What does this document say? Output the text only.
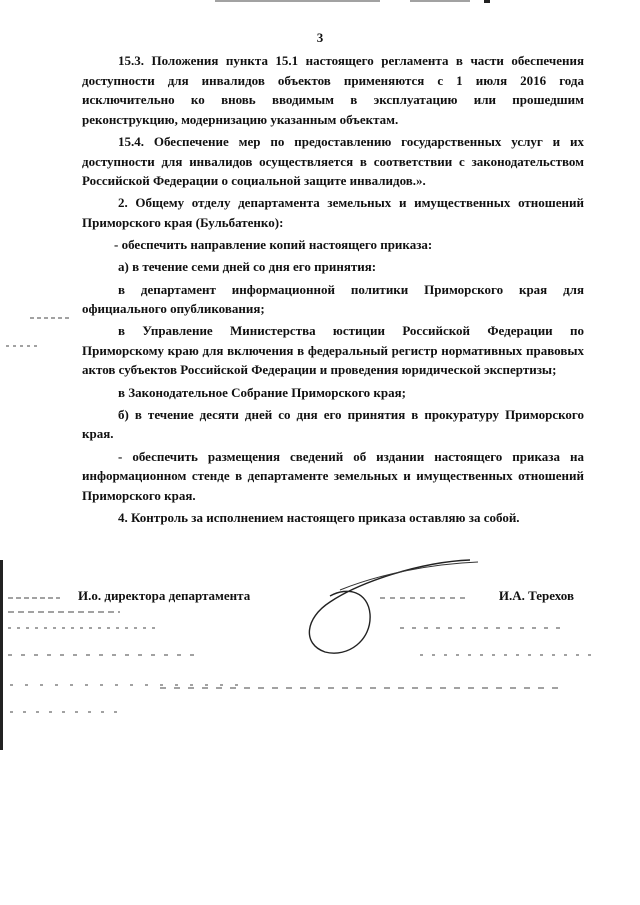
3

15.3. Положения пункта 15.1 настоящего регламента в части обеспечения доступности для инвалидов объектов применяются с 1 июля 2016 года исключительно ко вновь вводимым в эксплуатацию или прошедшим реконструкцию, модернизацию указанным объектам.

15.4. Обеспечение мер по предоставлению государственных услуг и их доступности для инвалидов осуществляется в соответствии с законодательством Российской Федерации о социальной защите инвалидов.».

2. Общему отделу департамента земельных и имущественных отношений Приморского края (Бульбатенко):

- обеспечить направление копий настоящего приказа:

а) в течение семи дней со дня его принятия:

в департамент информационной политики Приморского края для официального опубликования;

в Управление Министерства юстиции Российской Федерации по Приморскому краю для включения в федеральный регистр нормативных правовых актов субъектов Российской Федерации и проведения юридической экспертизы;

в Законодательное Собрание Приморского края;

б) в течение десяти дней со дня его принятия в прокуратуру Приморского края.

- обеспечить размещения сведений об издании настоящего приказа на информационном стенде в департаменте земельных и имущественных отношений Приморского края.

4. Контроль за исполнением настоящего приказа оставляю за собой.

И.о. директора департамента	И.А. Терехов
